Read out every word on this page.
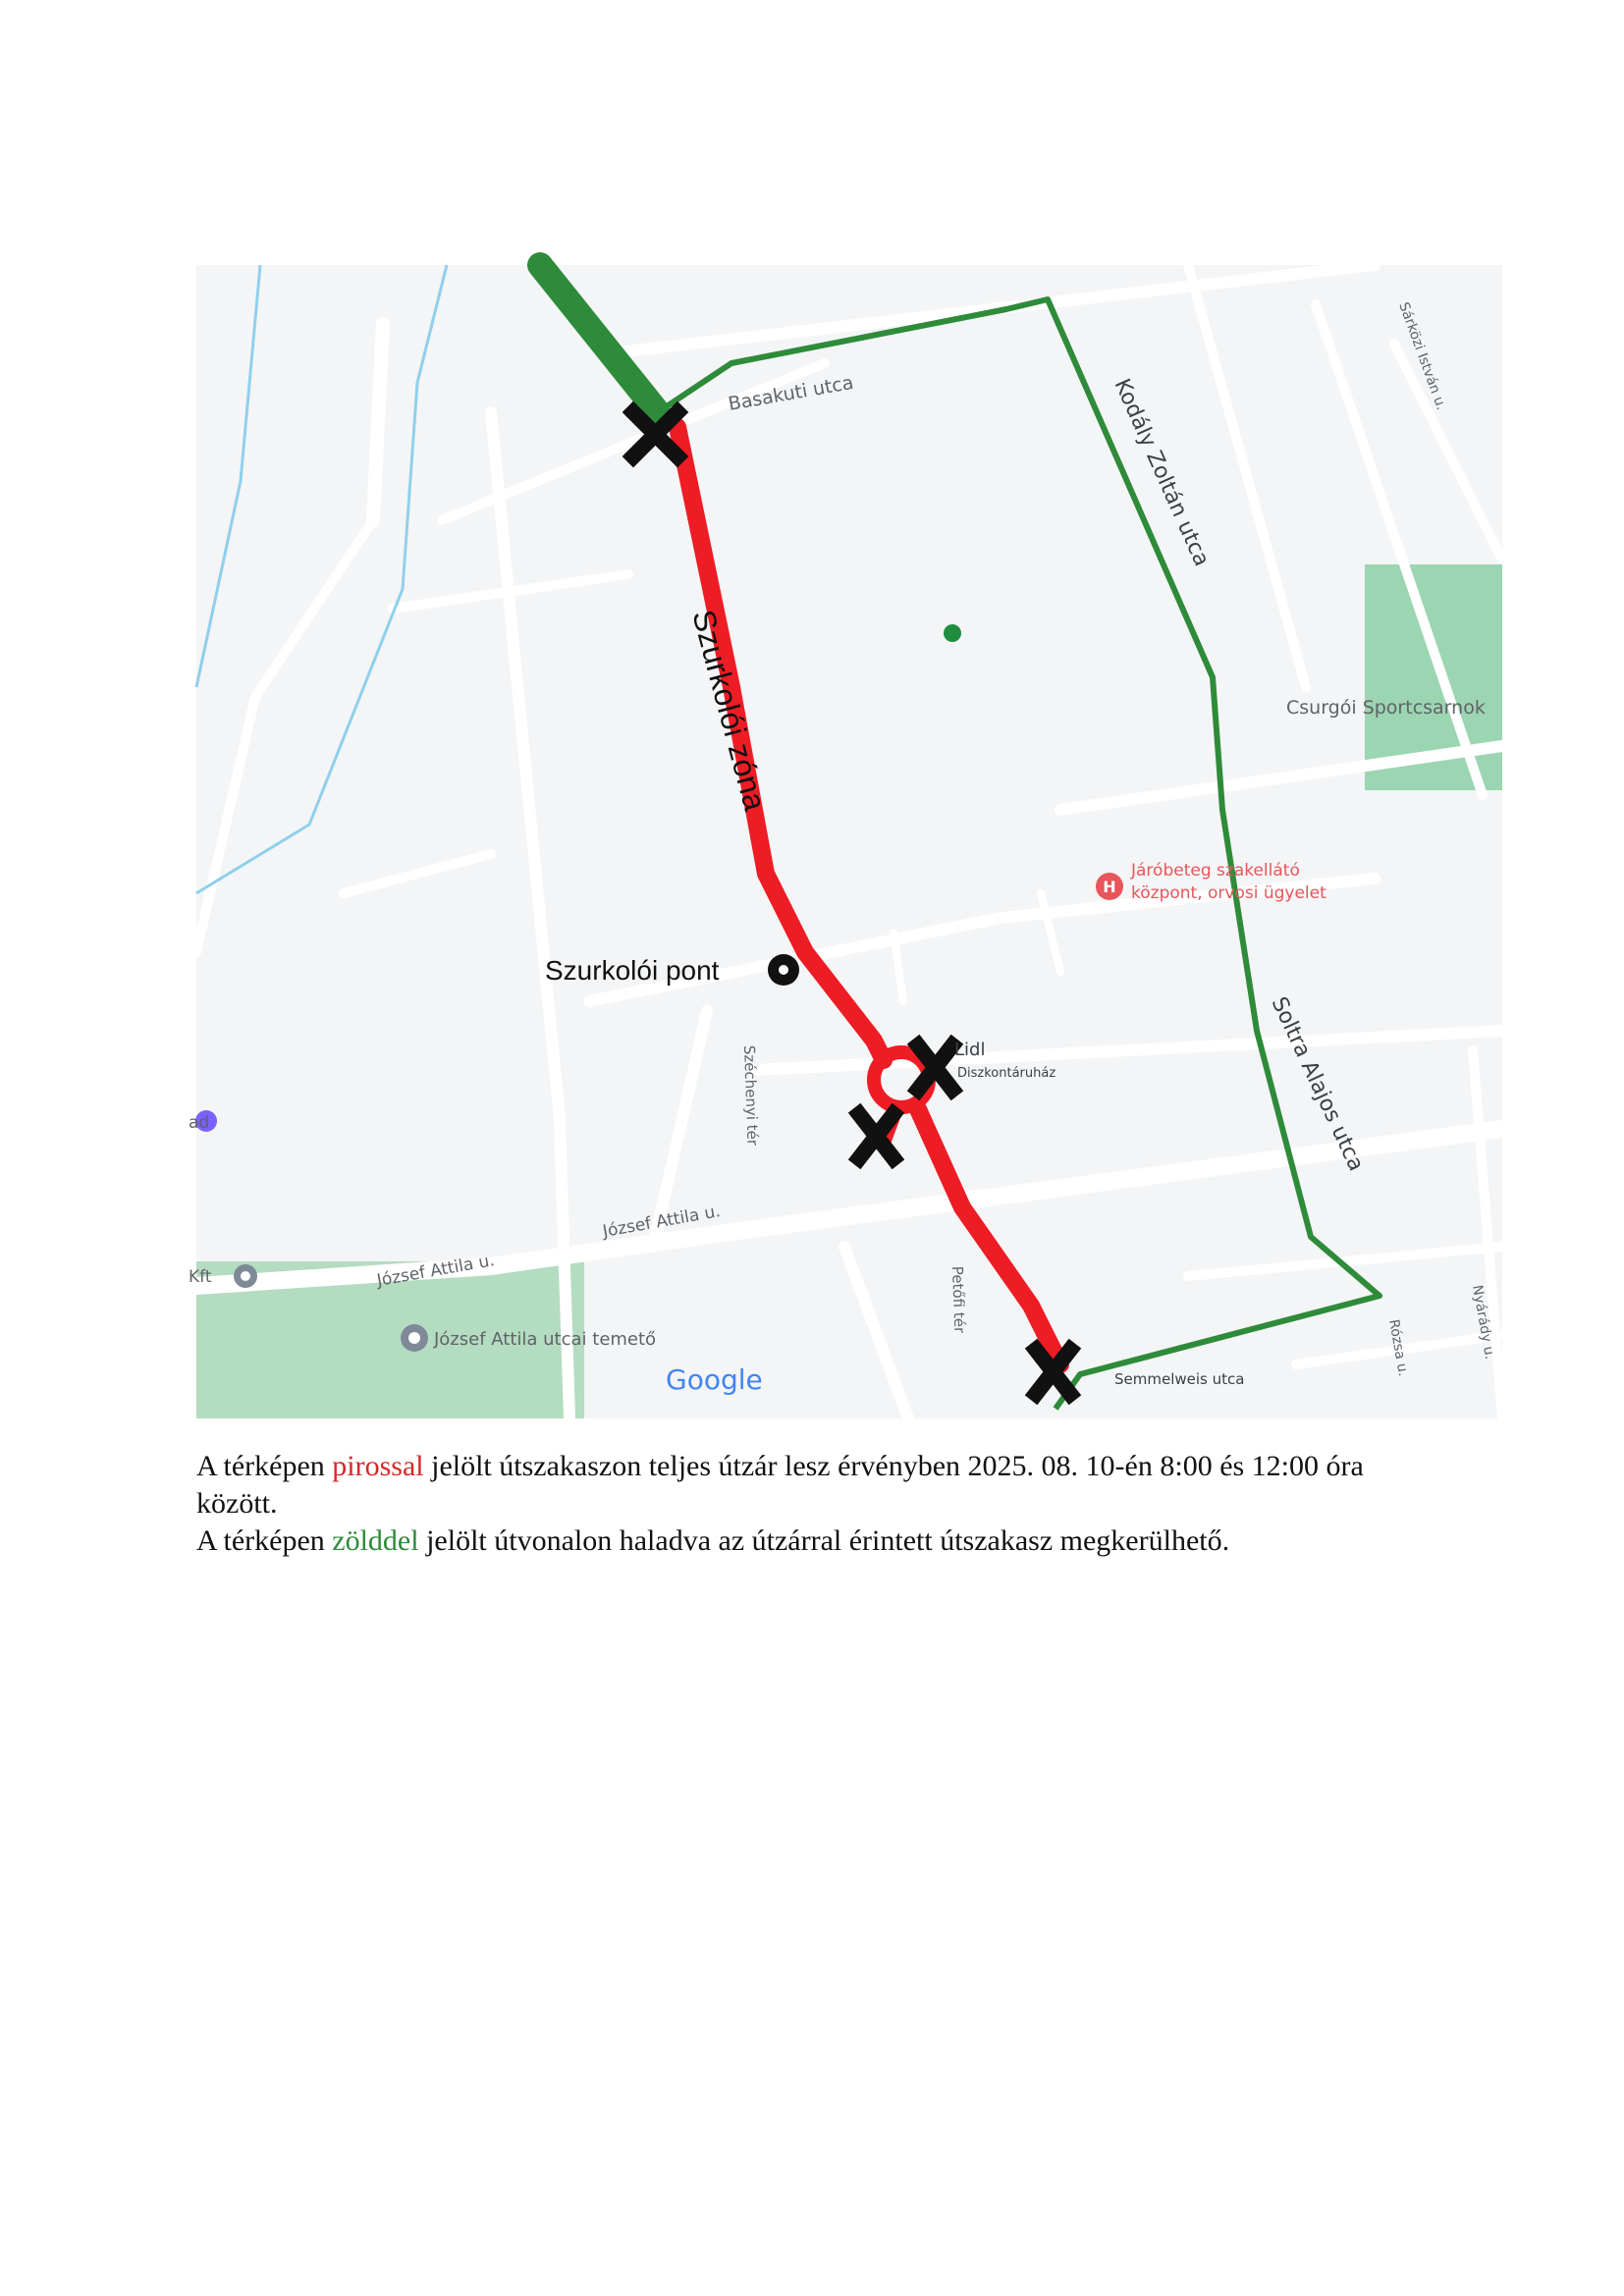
H
Basakuti utca	Kodály Zoltán utca
Soltra Alajos utca
József Attila u.
József Attila u.
Széchenyi tér
Petőfi tér
Semmelweis utca
Rózsa u.
Sárközi István u.
Nyárády u.
Szurkolói zóna
Szurkolói pont
Csurgói Sportcsarnok
Járóbeteg szakellátó
központ, orvosi ügyelet
Lidl
Diszkontáruház
József Attila utcai temető
ad
Kft
Google

A térképen pirossal jelölt útszakaszon teljes útzár lesz érvényben 2025. 08. 10-én 8:00 és 12:00 óra között.

A térképen zölddel jelölt útvonalon haladva az útzárral érintett útszakasz megkerülhető.
